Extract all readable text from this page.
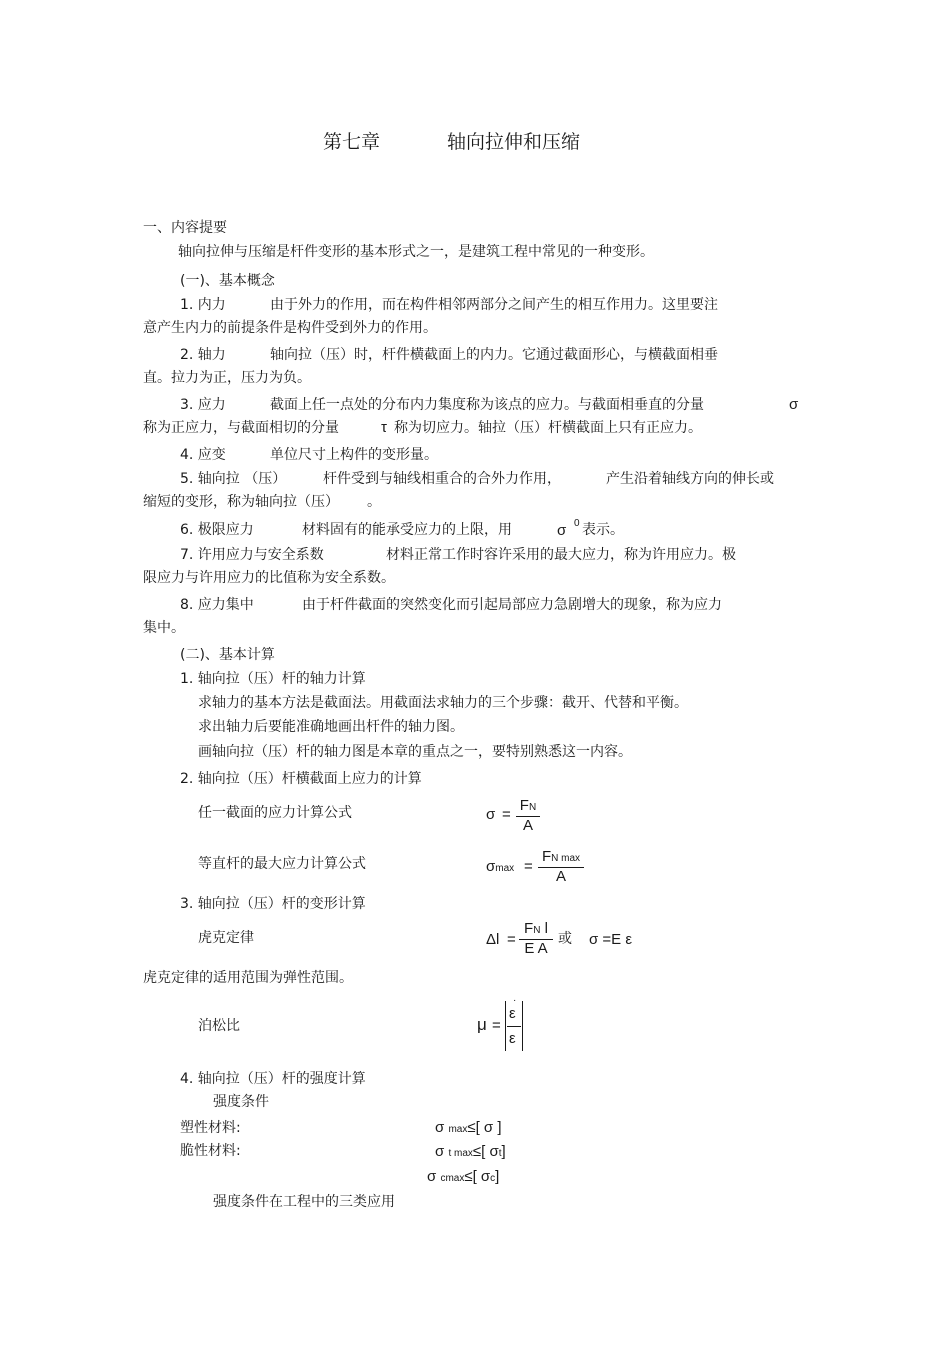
第七章	轴向拉伸和压缩
一、内容提要
轴向拉伸与压缩是杆件变形的基本形式之一，是建筑工程中常见的一种变形。
(一)、基本概念
1. 内力	由于外力的作用，而在构件相邻两部分之间产生的相互作用力。这里要注
意产生内力的前提条件是构件受到外力的作用。
2. 轴力	轴向拉（压）时，杆件横截面上的内力。它通过截面形心，与横截面相垂
直。拉力为正，压力为负。
3. 应力	截面上任一点处的分布内力集度称为该点的应力。与截面相垂直的分量	σ
称为正应力，与截面相切的分量	τ 称为切应力。轴拉（压）杆横截面上只有正应力。
4. 应变	单位尺寸上构件的变形量。
5. 轴向拉 （压）	杆件受到与轴线相重合的合外力作用，	产生沿着轴线方向的伸长或
缩短的变形，称为轴向拉（压） 。
6. 极限应力	材料固有的能承受应力的上限，用	σ 0 表示。
7. 许用应力与安全系数	材料正常工作时容许采用的最大应力，称为许用应力。极
限应力与许用应力的比值称为安全系数。
8. 应力集中	由于杆件截面的突然变化而引起局部应力急剧增大的现象，称为应力
集中。
(二)、基本计算
1. 轴向拉（压）杆的轴力计算
求轴力的基本方法是截面法。用截面法求轴力的三个步骤：截开、代替和平衡。
求出轴力后要能准确地画出杆件的轴力图。
画轴向拉（压）杆的轴力图是本章的重点之一，要特别熟悉这一内容。
2. 轴向拉（压）杆横截面上应力的计算
任一截面的应力计算公式	$\sigma = \frac{FN}{A}$
等直杆的最大应力计算公式	σmax =
FN max
A
3. 轴向拉（压）杆的变形计算
虎克定律	$\Delta l = \frac{\text{FN l}}{\text{E A}}$ 或 σ =E ε
虎克定律的适用范围为弹性范围。
泊松比	μ =
ε
·
ε
4. 轴向拉（压）杆的强度计算
强度条件
塑性材料:	σ max≤[ σ ]
脆性材料:	σ t max≤[ σt]
σ cmax≤[ σc]
强度条件在工程中的三类应用
